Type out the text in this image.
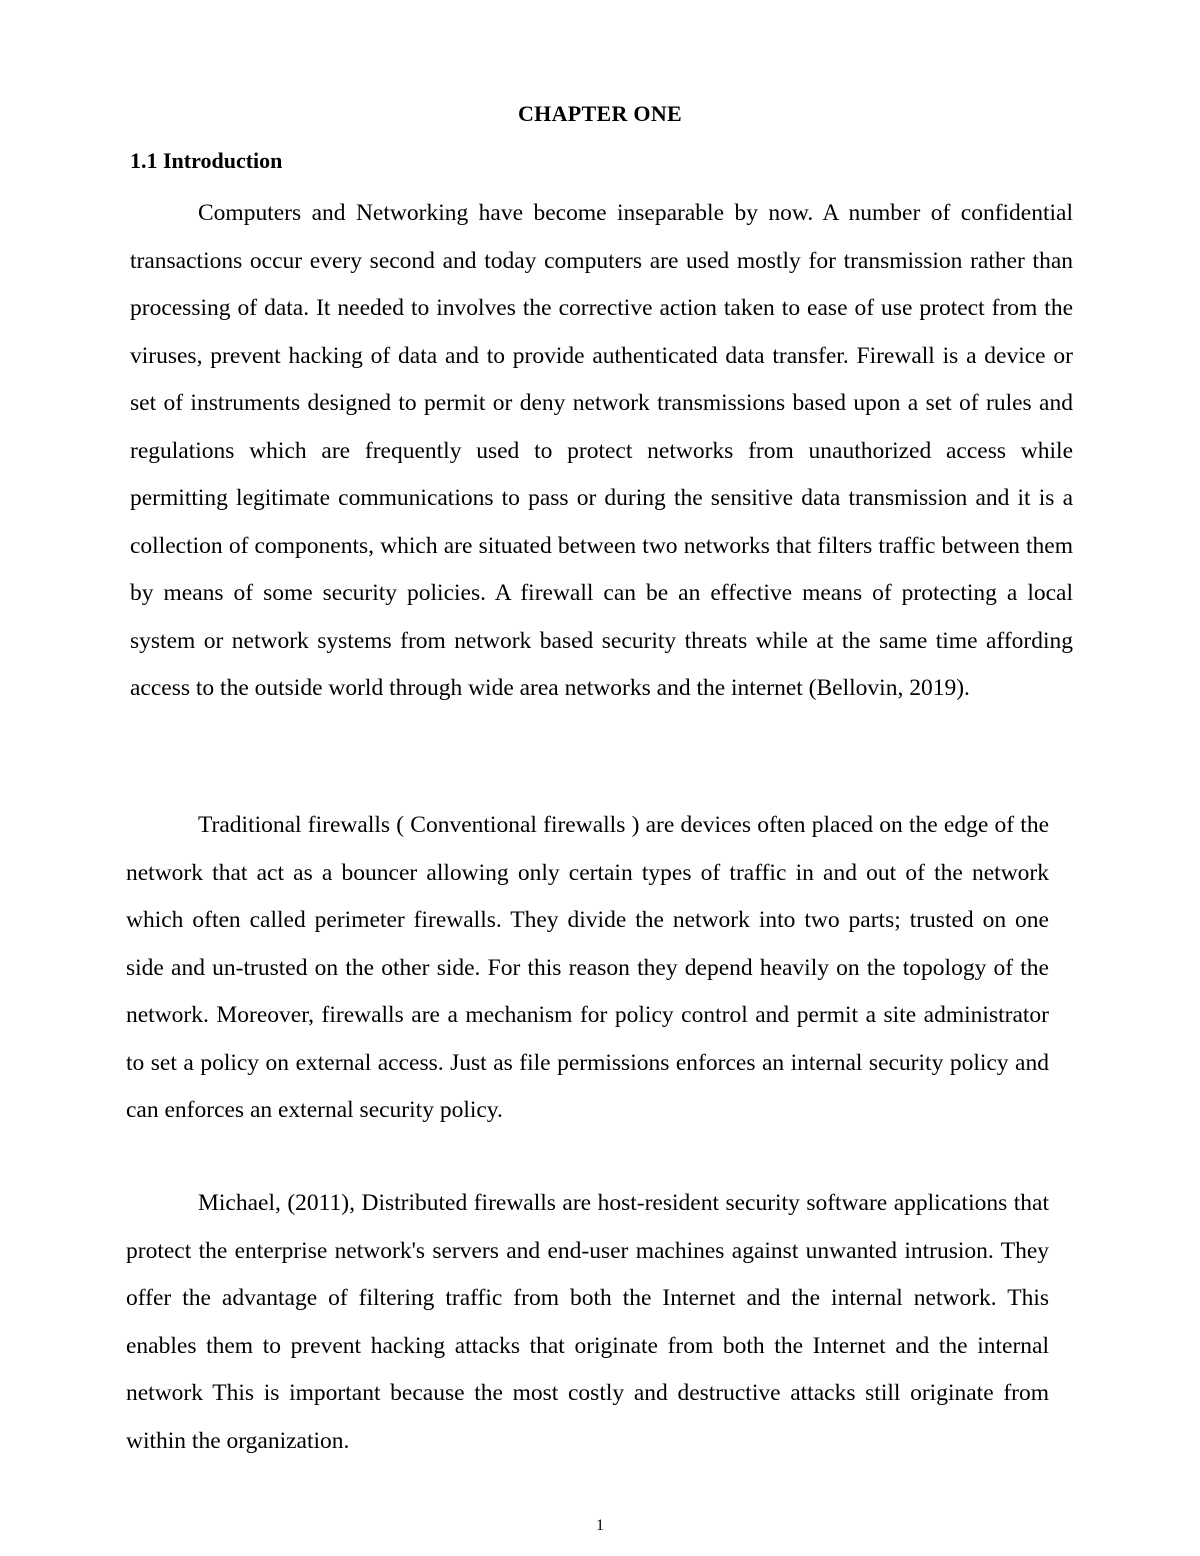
CHAPTER ONE
1.1 Introduction

Computers and Networking have become inseparable by now. A number of confidential transactions occur every second and today computers are used mostly for transmission rather than processing of data. It needed to involves the corrective action taken to ease of use protect from the viruses, prevent hacking of data and to provide authenticated data transfer. Firewall is a device or set of instruments designed to permit or deny network transmissions based upon a set of rules and regulations which are frequently used to protect networks from unauthorized access while permitting legitimate communications to pass or during the sensitive data transmission and it is a collection of components, which are situated between two networks that filters traffic between them by means of some security policies. A firewall can be an effective means of protecting a local system or network systems from network based security threats while at the same time affording access to the outside world through wide area networks and the internet (Bellovin, 2019).

Traditional firewalls ( Conventional firewalls ) are devices often placed on the edge of the network that act as a bouncer allowing only certain types of traffic in and out of the network which often called perimeter firewalls. They divide the network into two parts; trusted on one side and un-trusted on the other side. For this reason they depend heavily on the topology of the network. Moreover, firewalls are a mechanism for policy control and permit a site administrator to set a policy on external access. Just as file permissions enforces an internal security policy and can enforces an external security policy.

Michael, (2011), Distributed firewalls are host-resident security software applications that protect the enterprise network's servers and end-user machines against unwanted intrusion. They offer the advantage of filtering traffic from both the Internet and the internal network. This enables them to prevent hacking attacks that originate from both the Internet and the internal network This is important because the most costly and destructive attacks still originate from within the organization.

1
